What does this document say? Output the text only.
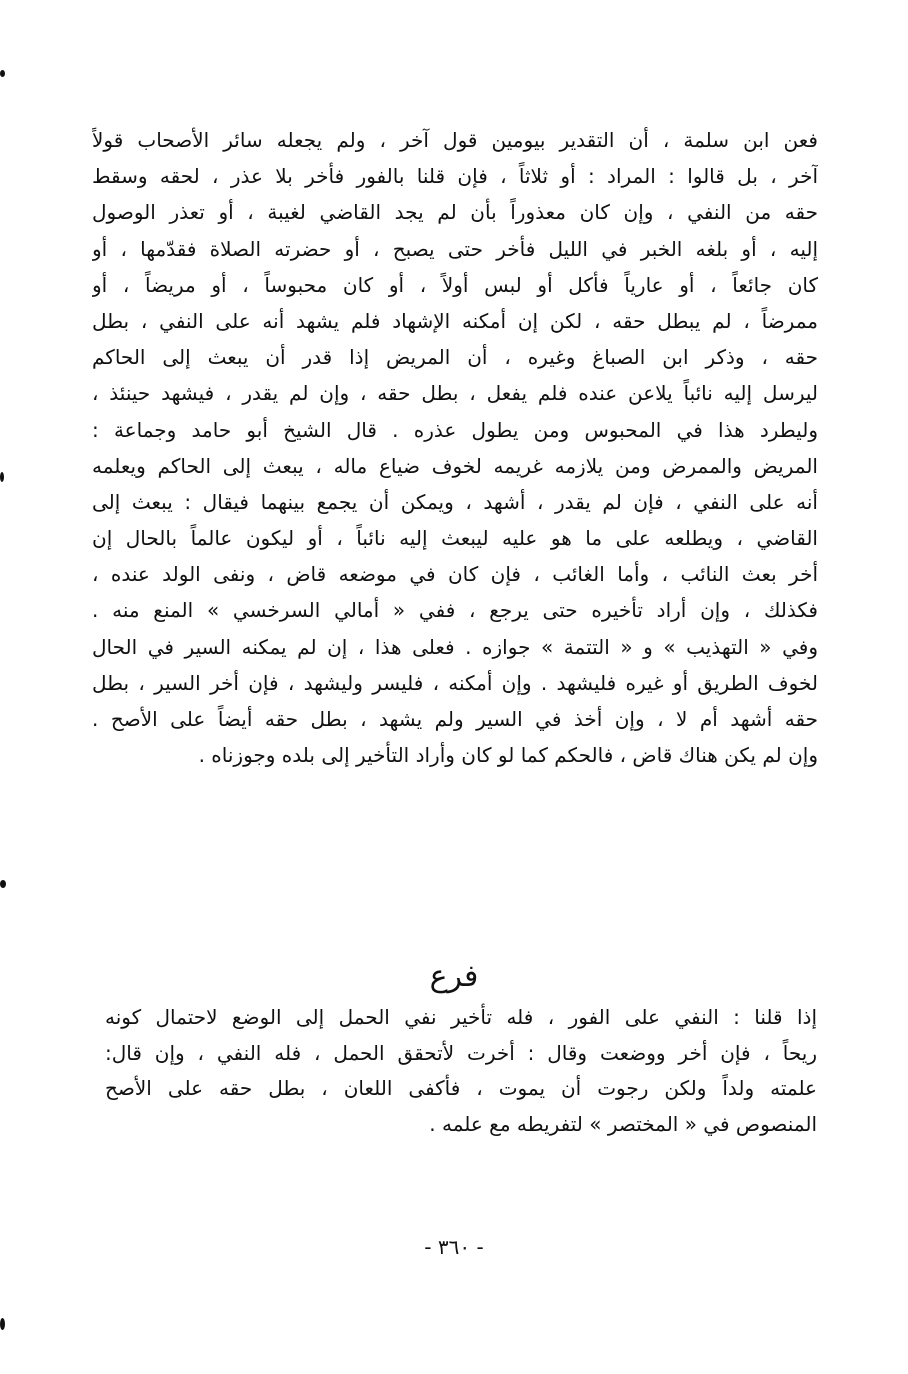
فعن ابن سلمة ، أن التقدير بيومين قول آخر ، ولم يجعله سائر الأصحاب قولاً
آخر ، بل قالوا : المراد : أو ثلاثاً ، فإن قلنا بالفور فأخر بلا عذر ، لحقه وسقط
حقه من النفي ، وإن كان معذوراً بأن لم يجد القاضي لغيبة ، أو تعذر الوصول
إليه ، أو بلغه الخبر في الليل فأخر حتى يصبح ، أو حضرته الصلاة فقدّمها ، أو
كان جائعاً ، أو عارياً فأكل أو لبس أولاً ، أو كان محبوساً ، أو مريضاً ، أو
ممرضاً ، لم يبطل حقه ، لكن إن أمكنه الإشهاد فلم يشهد أنه على النفي ، بطل
حقه ، وذكر ابن الصباغ وغيره ، أن المريض إذا قدر أن يبعث إلى الحاكم
ليرسل إليه نائباً يلاعن عنده فلم يفعل ، بطل حقه ، وإن لم يقدر ، فيشهد حينئذ ،
وليطرد هذا في المحبوس ومن يطول عذره . قال الشيخ أبو حامد وجماعة :
المريض والممرض ومن يلازمه غريمه لخوف ضياع ماله ، يبعث إلى الحاكم ويعلمه
أنه على النفي ، فإن لم يقدر ، أشهد ، ويمكن أن يجمع بينهما فيقال : يبعث إلى
القاضي ، ويطلعه على ما هو عليه ليبعث إليه نائباً ، أو ليكون عالماً بالحال إن
أخر بعث النائب ، وأما الغائب ، فإن كان في موضعه قاض ، ونفى الولد عنده ،
فكذلك ، وإن أراد تأخيره حتى يرجع ، ففي « أمالي السرخسي » المنع منه .
وفي « التهذيب » و « التتمة » جوازه . فعلى هذا ، إن لم يمكنه السير في الحال
لخوف الطريق أو غيره فليشهد . وإن أمكنه ، فليسر وليشهد ، فإن أخر السير ، بطل
حقه أشهد أم لا ، وإن أخذ في السير ولم يشهد ، بطل حقه أيضاً على الأصح .
وإن لم يكن هناك قاض ، فالحكم كما لو كان وأراد التأخير إلى بلده وجوزناه .
فرع
إذا قلنا : النفي على الفور ، فله تأخير نفي الحمل إلى الوضع لاحتمال كونه
ريحاً ، فإن أخر ووضعت وقال : أخرت لأتحقق الحمل ، فله النفي ، وإن قال:
علمته ولداً ولكن رجوت أن يموت ، فأكفى اللعان ، بطل حقه على الأصح
المنصوص في « المختصر » لتفريطه مع علمه .
- ٣٦٠ -
